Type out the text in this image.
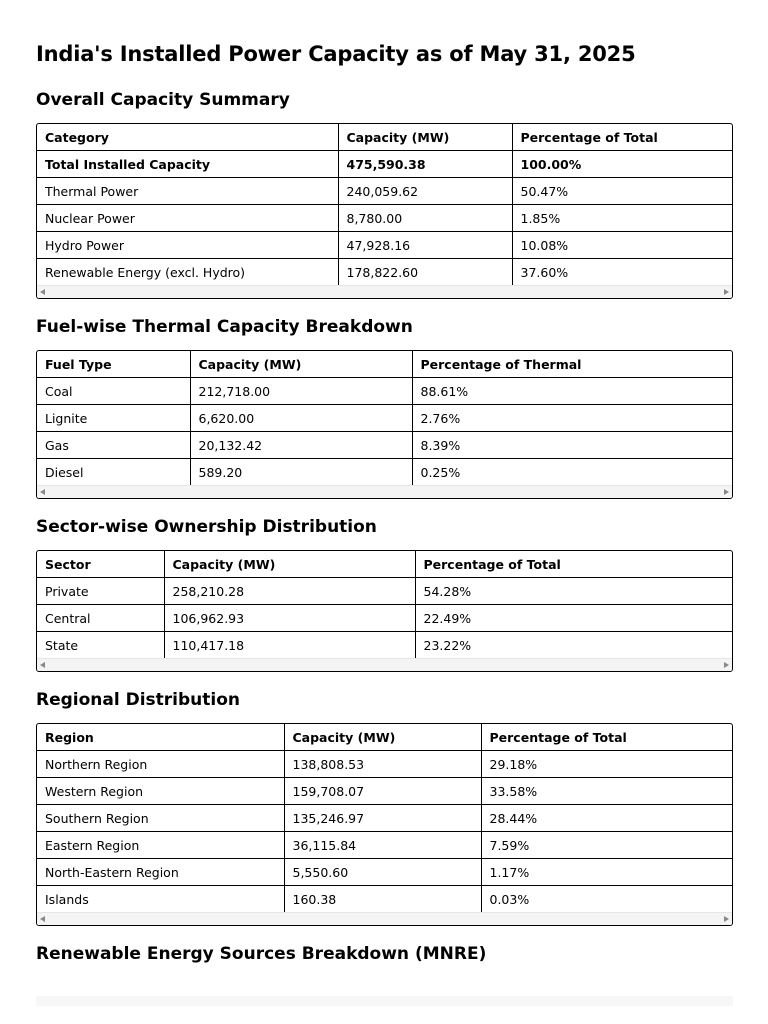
India's Installed Power Capacity as of May 31, 2025
Overall Capacity Summary
Category	Capacity (MW)	Percentage of Total
Total Installed Capacity	475,590.38	100.00%
Thermal Power	240,059.62	50.47%
Nuclear Power	8,780.00	1.85%
Hydro Power	47,928.16	10.08%
Renewable Energy (excl. Hydro)	178,822.60	37.60%
Fuel-wise Thermal Capacity Breakdown
Fuel Type	Capacity (MW)	Percentage of Thermal
Coal	212,718.00	88.61%
Lignite	6,620.00	2.76%
Gas	20,132.42	8.39%
Diesel	589.20	0.25%
Sector-wise Ownership Distribution
Sector	Capacity (MW)	Percentage of Total
Private	258,210.28	54.28%
Central	106,962.93	22.49%
State	110,417.18	23.22%
Regional Distribution
Region	Capacity (MW)	Percentage of Total
Northern Region	138,808.53	29.18%
Western Region	159,708.07	33.58%
Southern Region	135,246.97	28.44%
Eastern Region	36,115.84	7.59%
North-Eastern Region	5,550.60	1.17%
Islands	160.38	0.03%
Renewable Energy Sources Breakdown (MNRE)
